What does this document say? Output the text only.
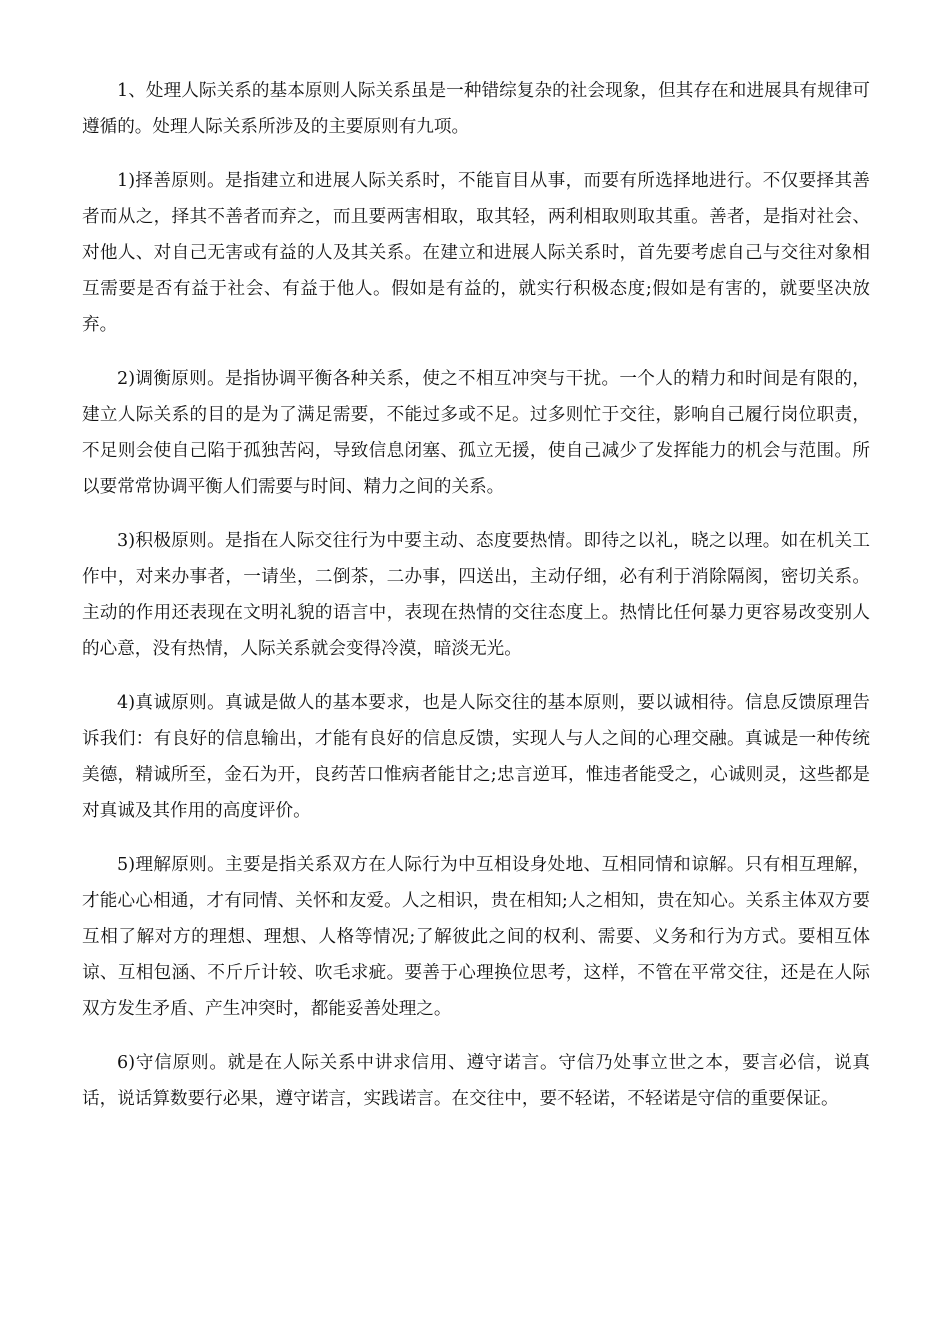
1、处理人际关系的基本原则人际关系虽是一种错综复杂的社会现象，但其存在和进展具有规律可遵循的。处理人际关系所涉及的主要原则有九项。

1)择善原则。是指建立和进展人际关系时，不能盲目从事，而要有所选择地进行。不仅要择其善者而从之，择其不善者而弃之，而且要两害相取，取其轻，两利相取则取其重。善者，是指对社会、对他人、对自己无害或有益的人及其关系。在建立和进展人际关系时，首先要考虑自己与交往对象相互需要是否有益于社会、有益于他人。假如是有益的，就实行积极态度;假如是有害的，就要坚决放弃。

2)调衡原则。是指协调平衡各种关系，使之不相互冲突与干扰。一个人的精力和时间是有限的，建立人际关系的目的是为了满足需要，不能过多或不足。过多则忙于交往，影响自己履行岗位职责，不足则会使自己陷于孤独苦闷，导致信息闭塞、孤立无援，使自己减少了发挥能力的机会与范围。所以要常常协调平衡人们需要与时间、精力之间的关系。

3)积极原则。是指在人际交往行为中要主动、态度要热情。即待之以礼，晓之以理。如在机关工作中，对来办事者，一请坐，二倒茶，二办事，四送出，主动仔细，必有利于消除隔阂，密切关系。主动的作用还表现在文明礼貌的语言中，表现在热情的交往态度上。热情比任何暴力更容易改变别人的心意，没有热情，人际关系就会变得冷漠，暗淡无光。

4)真诚原则。真诚是做人的基本要求，也是人际交往的基本原则，要以诚相待。信息反馈原理告诉我们：有良好的信息输出，才能有良好的信息反馈，实现人与人之间的心理交融。真诚是一种传统美德，精诚所至，金石为开，良药苦口惟病者能甘之;忠言逆耳，惟违者能受之，心诚则灵，这些都是对真诚及其作用的高度评价。

5)理解原则。主要是指关系双方在人际行为中互相设身处地、互相同情和谅解。只有相互理解，才能心心相通，才有同情、关怀和友爱。人之相识，贵在相知;人之相知，贵在知心。关系主体双方要互相了解对方的理想、理想、人格等情况;了解彼此之间的权利、需要、义务和行为方式。要相互体谅、互相包涵、不斤斤计较、吹毛求疵。要善于心理换位思考，这样，不管在平常交往，还是在人际双方发生矛盾、产生冲突时，都能妥善处理之。

6)守信原则。就是在人际关系中讲求信用、遵守诺言。守信乃处事立世之本，要言必信，说真话，说话算数要行必果，遵守诺言，实践诺言。在交往中，要不轻诺，不轻诺是守信的重要保证。
